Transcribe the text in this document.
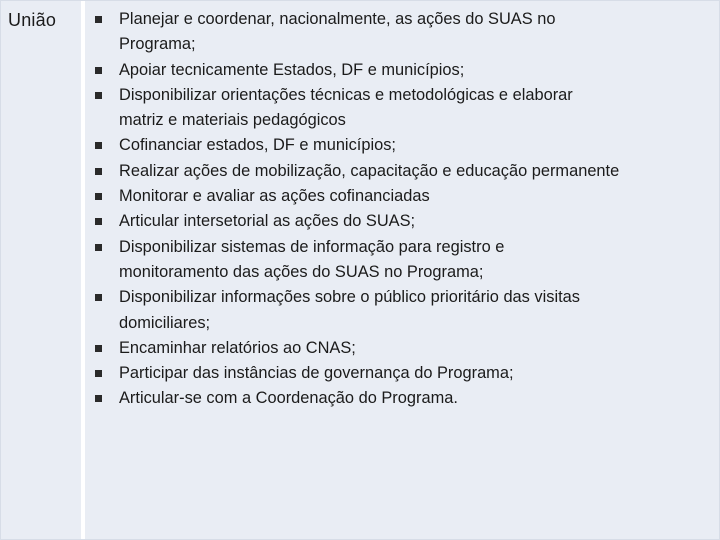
União	Planejar e coordenar, nacionalmente, as ações do SUAS no
Programa;
Apoiar tecnicamente Estados, DF e municípios;
Disponibilizar orientações técnicas e metodológicas e elaborar
matriz e materiais pedagógicos
Cofinanciar estados, DF e municípios;
Realizar ações de mobilização, capacitação e educação permanente
Monitorar e avaliar as ações cofinanciadas
Articular intersetorial as ações do SUAS;
Disponibilizar sistemas de informação para registro e
monitoramento das ações do SUAS no Programa;
Disponibilizar informações sobre o público prioritário das visitas
domiciliares;
Encaminhar relatórios ao CNAS;
Participar das instâncias de governança do Programa;
Articular-se com a Coordenação do Programa.
